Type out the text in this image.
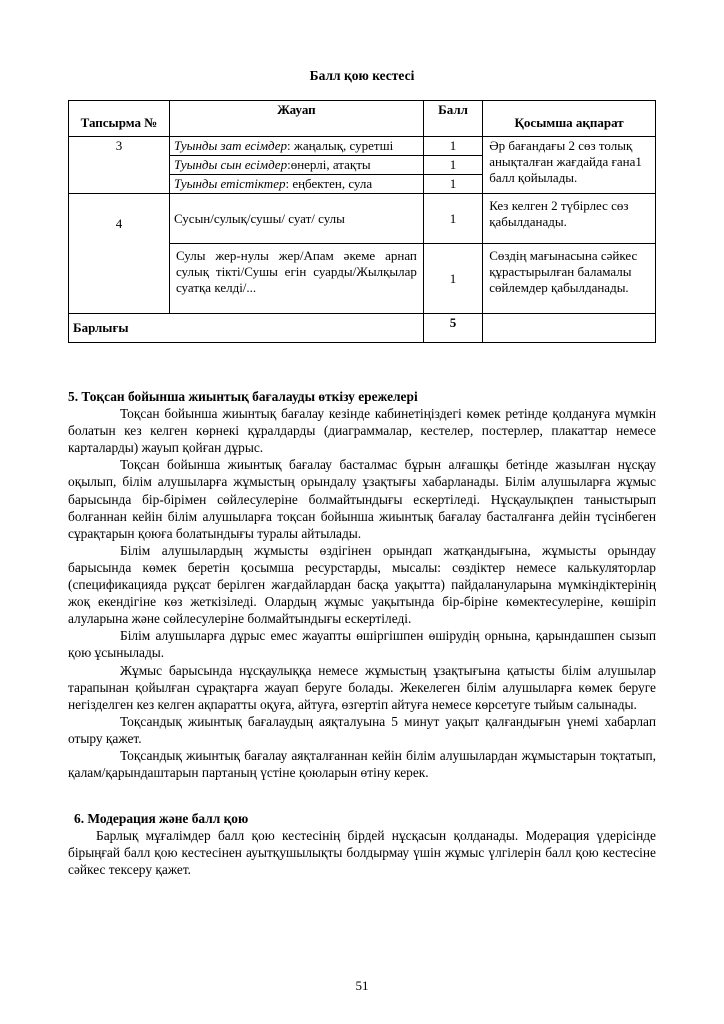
Балл қою кестесі
Тапсырма №	Жауап	Балл	Қосымша ақпарат
3	Туынды зат есімдер: жаңалық, суретші	1	Әр бағандағы 2 сөз толық анықталған жағдайда ғана1 балл қойылады.
	Туынды сын есімдер:өнерлі, атақты	1	
	Туынды етістіктер: еңбектен, сула	1	
4	Сусын/сулық/сушы/ суат/ сулы	1	Кез келген 2 түбірлес сөз қабылданады.
	Сулы жер-нулы жер/Апам әкеме арнап сулық тікті/Сушы егін суарды/Жылқылар суатқа келді/...	1	Сөздің мағынасына сәйкес құрастырылған баламалы сөйлемдер қабылданады.
Барлығы		5	
5. Тоқсан бойынша жиынтық бағалауды өткізу ережелері

Тоқсан бойынша жиынтық бағалау кезінде кабинетіңіздегі көмек ретінде қолдануға мүмкін болатын кез келген көрнекі құралдарды (диаграммалар, кестелер, постерлер, плакаттар немесе карталарды) жауып қойған дұрыс.

Тоқсан бойынша жиынтық бағалау басталмас бұрын алғашқы бетінде жазылған нұсқау оқылып, білім алушыларға жұмыстың орындалу ұзақтығы хабарланады. Білім алушыларға жұмыс барысында бір-бірімен сөйлесулеріне болмайтындығы ескертіледі. Нұсқаулықпен таныстырып болғаннан кейін білім алушыларға тоқсан бойынша жиынтық бағалау басталғанға дейін түсінбеген сұрақтарын қоюға болатындығы туралы айтылады.

Білім алушылардың жұмысты өздігінен орындап жатқандығына, жұмысты орындау барысында көмек беретін қосымша ресурстарды, мысалы: сөздіктер немесе калькуляторлар (спецификацияда рұқсат берілген жағдайлардан басқа уақытта) пайдалануларына мүмкіндіктерінің жоқ екендігіне көз жеткізіледі. Олардың жұмыс уақытында бір-біріне көмектесулеріне, көшіріп алуларына және сөйлесулеріне болмайтындығы ескертіледі.

Білім алушыларға дұрыс емес жауапты өшіргішпен өшірудің орнына, қарындашпен сызып қою ұсынылады.

Жұмыс барысында нұсқаулыққа немесе жұмыстың ұзақтығына қатысты білім алушылар тарапынан қойылған сұрақтарға жауап беруге болады. Жекелеген білім алушыларға көмек беруге негізделген кез келген ақпаратты оқуға, айтуға, өзгертіп айтуға немесе көрсетуге тыйым салынады.

Тоқсандық жиынтық бағалаудың аяқталуына 5 минут уақыт қалғандығын үнемі хабарлап отыру қажет.

Тоқсандық жиынтық бағалау аяқталғаннан кейін білім алушылардан жұмыстарын тоқтатып, қалам/қарындаштарын партаның үстіне қоюларын өтіну керек.

6. Модерация және балл қою

Барлық мұғалімдер балл қою кестесінің бірдей нұсқасын қолданады. Модерация үдерісінде бірыңғай балл қою кестесінен ауытқушылықты болдырмау үшін жұмыс үлгілерін балл қою кестесіне сәйкес тексеру қажет.

51
